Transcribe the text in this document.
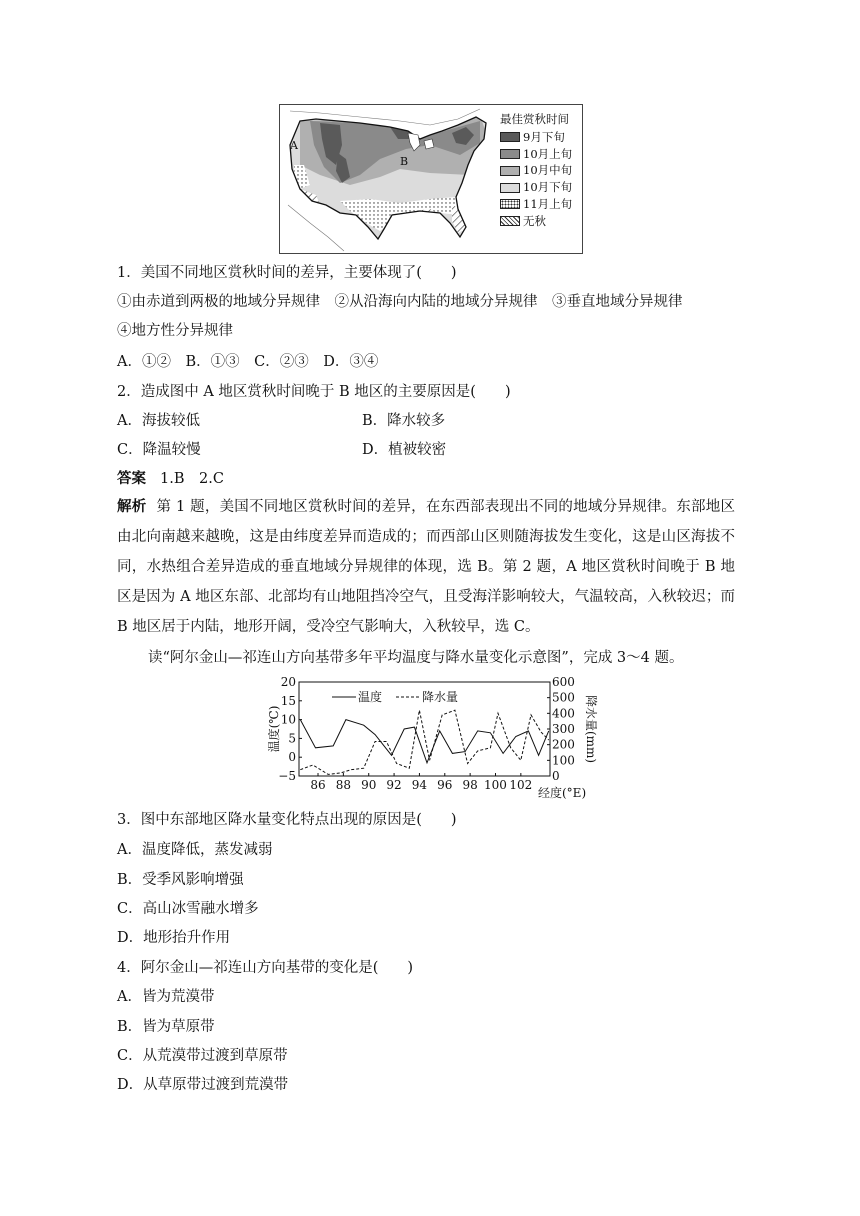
A
B
最佳赏秋时间
9月下旬
10月上旬
10月中旬
10月下旬
11月上旬
无秋
1．美国不同地区赏秋时间的差异，主要体现了(　　)
①由赤道到两极的地域分异规律　②从沿海向内陆的地域分异规律　③垂直地域分异规律
④地方性分异规律
A．①②　B．①③　C．②③　D．③④
2．造成图中 A 地区赏秋时间晚于 B 地区的主要原因是(　　)
A．海拔较低	B．降水较多
C．降温较慢	D．植被较密
答案 1.B　2.C
解析 第 1 题，美国不同地区赏秋时间的差异，在东西部表现出不同的地域分异规律。东部地区由北向南越来越晚，这是由纬度差异而造成的；而西部山区则随海拔发生变化，这是山区海拔不同，水热组合差异造成的垂直地域分异规律的体现，选 B。第 2 题，A 地区赏秋时间晚于 B 地区是因为 A 地区东部、北部均有山地阻挡冷空气，且受海洋影响较大，气温较高，入秋较迟；而 B 地区居于内陆，地形开阔，受冷空气影响大，入秋较早，选 C。
读“阿尔金山—祁连山方向基带多年平均温度与降水量变化示意图”，完成 3～4 题。
20
15
10
5
0
−5
600
500
400
300
200
100
0
86 88 90 92 94 96 98 100 102
温度	降水量
温度(℃)	降水量(mm)
经度(°E)
3．图中东部地区降水量变化特点出现的原因是(　　)
A．温度降低，蒸发减弱
B．受季风影响增强
C．高山冰雪融水增多
D．地形抬升作用
4．阿尔金山—祁连山方向基带的变化是(　　)
A．皆为荒漠带
B．皆为草原带
C．从荒漠带过渡到草原带
D．从草原带过渡到荒漠带
